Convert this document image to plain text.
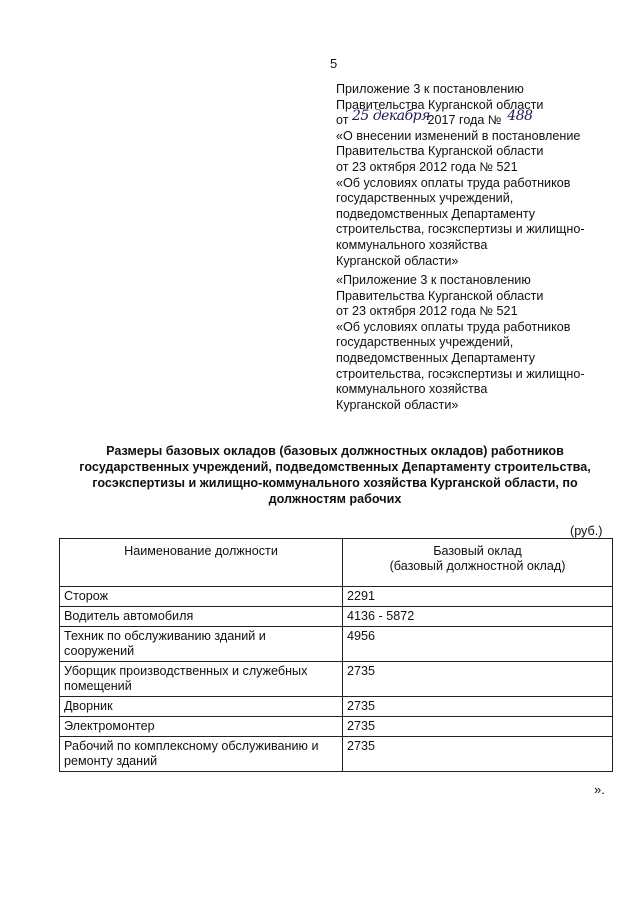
5
Приложение 3 к постановлению
Правительства Курганской области
от 25 декабря 2017 года № 488
«О внесении изменений в постановление
Правительства Курганской области
от 23 октября 2012 года № 521
«Об условиях оплаты труда работников
государственных учреждений,
подведомственных Департаменту
строительства, госэкспертизы и жилищно-
коммунального хозяйства
Курганской области»
«Приложение 3 к постановлению
Правительства Курганской области
от 23 октября 2012 года № 521
«Об условиях оплаты труда работников
государственных учреждений,
подведомственных Департаменту
строительства, госэкспертизы и жилищно-
коммунального хозяйства
Курганской области»
Размеры базовых окладов (базовых должностных окладов) работников
государственных учреждений, подведомственных Департаменту строительства,
госэкспертизы и жилищно-коммунального хозяйства Курганской области, по
должностям рабочих
(руб.)
Наименование должности	Базовый оклад
(базовый должностной оклад)

Сторож	2291
Водитель автомобиля	4136 - 5872
Техник по обслуживанию зданий и сооружений	4956
Уборщик производственных и служебных помещений	2735
Дворник	2735
Электромонтер	2735
Рабочий по комплексному обслуживанию и ремонту зданий	2735
».
